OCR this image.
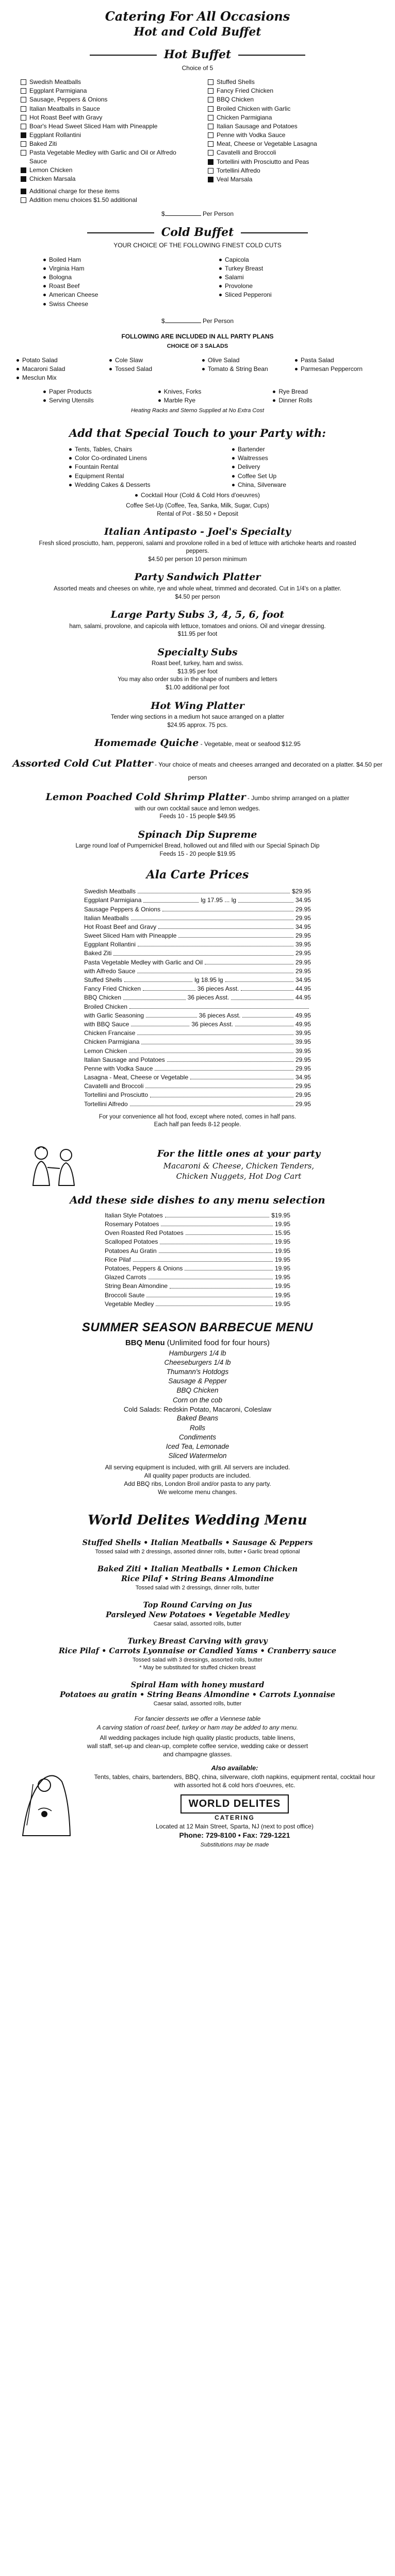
Catering For All Occasions
Hot and Cold Buffet
Hot Buffet
Choice of 5
Swedish Meatballs
Eggplant Parmigiana
Sausage, Peppers & Onions
Italian Meatballs in Sauce
Hot Roast Beef with Gravy
Boar's Head Sweet Sliced Ham with Pineapple
Eggplant Rollantini
Baked Ziti
Pasta Vegetable Medley with Garlic and Oil or Alfredo Sauce
Lemon Chicken
Chicken Marsala
Stuffed Shells
Fancy Fried Chicken
BBQ Chicken
Broiled Chicken with Garlic
Chicken Parmigiana
Italian Sausage and Potatoes
Penne with Vodka Sauce
Meat, Cheese or Vegetable Lasagna
Cavatelli and Broccoli
Tortellini with Prosciutto and Peas
Tortellini Alfredo
Veal Marsala
Additional charge for these items
Addition menu choices $1.50 additional
$	Per Person
Cold Buffet
YOUR CHOICE OF THE FOLLOWING FINEST COLD CUTS
Boiled Ham
Virginia Ham
Bologna
Roast Beef
American Cheese
Swiss Cheese
Capicola
Turkey Breast
Salami
Provolone
Sliced Pepperoni
$	Per Person
FOLLOWING ARE INCLUDED IN ALL PARTY PLANS
CHOICE OF 3 SALADS
Potato Salad
Macaroni Salad
Mesclun Mix
Cole Slaw
Tossed Salad
Olive Salad
Tomato & String Bean
Pasta Salad
Parmesan Peppercorn
Paper Products
Serving Utensils
Knives, Forks
Marble Rye
Rye Bread
Dinner Rolls
Heating Racks and Sterno Supplied at No Extra Cost
Add that Special Touch to your Party with:
Tents, Tables, Chairs
Color Co-ordinated Linens
Fountain Rental
Equipment Rental
Wedding Cakes & Desserts
Bartender
Waitresses
Delivery
Coffee Set Up
China, Silverware
Cocktail Hour (Cold & Cold Hors d'oeuvres)
Coffee Set-Up (Coffee, Tea, Sanka, Milk, Sugar, Cups)
Rental of Pot - $8.50 + Deposit
Italian Antipasto - Joel's Specialty
Fresh sliced prosciutto, ham, pepperoni, salami and provolone rolled in a bed of lettuce with artichoke hearts and roasted peppers.
$4.50 per person 10 person minimum
Party Sandwich Platter
Assorted meats and cheeses on white, rye and whole wheat, trimmed and decorated. Cut in 1/4's on a platter.
$4.50 per person
Large Party Subs 3, 4, 5, 6, foot
ham, salami, provolone, and capicola with lettuce, tomatoes and onions. Oil and vinegar dressing.
$11.95 per foot
Specialty Subs
Roast beef, turkey, ham and swiss.
$13.95 per foot
You may also order subs in the shape of numbers and letters
$1.00 additional per foot
Hot Wing Platter
Tender wing sections in a medium hot sauce arranged on a platter
$24.95 approx. 75 pcs.
Homemade Quiche - Vegetable, meat or seafood $12.95
Assorted Cold Cut Platter - Your choice of meats and cheeses arranged and decorated on a platter. $4.50 per person
Lemon Poached Cold Shrimp Platter - Jumbo shrimp arranged on a platter
with our own cocktail sauce and lemon wedges.
Feeds 10 - 15 people $49.95
Spinach Dip Supreme
Large round loaf of Pumpernickel Bread, hollowed out and filled with our Special Spinach Dip
Feeds 15 - 20 people $19.95
Ala Carte Prices
Swedish Meatballs	$29.95
Eggplant Parmigiana	lg 17.95 ... lg	34.95
Sausage Peppers & Onions	29.95
Italian Meatballs	29.95
Hot Roast Beef and Gravy	34.95
Sweet Sliced Ham with Pineapple	29.95
Eggplant Rollantini	39.95
Baked Ziti	29.95
Pasta Vegetable Medley with Garlic and Oil	29.95
with Alfredo Sauce	29.95
Stuffed Shells	lg 18.95 lg	34.95
Fancy Fried Chicken	36 pieces Asst.	44.95
BBQ Chicken	36 pieces Asst.	44.95
Broiled Chicken
with Garlic Seasoning	36 pieces Asst.	49.95
with BBQ Sauce	36 pieces Asst.	49.95
Chicken Francaise	39.95
Chicken Parmigiana	39.95
Lemon Chicken	39.95
Italian Sausage and Potatoes	29.95
Penne with Vodka Sauce	29.95
Lasagna - Meat, Cheese or Vegetable	34.95
Cavatelli and Broccoli	29.95
Tortellini and Prosciutto	29.95
Tortellini Alfredo	29.95
For your convenience all hot food, except where noted, comes in half pans.
Each half pan feeds 8-12 people.
For the little ones at your party
Macaroni & Cheese, Chicken Tenders,
Chicken Nuggets, Hot Dog Cart
Add these side dishes to any menu selection
Italian Style Potatoes	$19.95
Rosemary Potatoes	19.95
Oven Roasted Red Potatoes	15.95
Scalloped Potatoes	19.95
Potatoes Au Gratin	19.95
Rice Pilaf	19.95
Potatoes, Peppers & Onions	19.95
Glazed Carrots	19.95
String Bean Almondine	19.95
Broccoli Saute	19.95
Vegetable Medley	19.95
SUMMER SEASON BARBECUE MENU
BBQ Menu (Unlimited food for four hours)
Hamburgers 1/4 lb
Cheeseburgers 1/4 lb
Thumann's Hotdogs
Sausage & Pepper
BBQ Chicken
Corn on the cob
Cold Salads: Redskin Potato, Macaroni, Coleslaw
Baked Beans
Rolls
Condiments
Iced Tea, Lemonade
Sliced Watermelon
All serving equipment is included, with grill. All servers are included.
All quality paper products are included.
Add BBQ ribs, London Broil and/or pasta to any party.
We welcome menu changes.
World Delites Wedding Menu
Stuffed Shells • Italian Meatballs • Sausage & Peppers
Tossed salad with 2 dressings, assorted dinner rolls, butter • Garlic bread optional
Baked Ziti • Italian Meatballs • Lemon Chicken
Rice Pilaf • String Beans Almondine
Tossed salad with 2 dressings, dinner rolls, butter
Top Round Carving on Jus
Parsleyed New Potatoes • Vegetable Medley
Caesar salad, assorted rolls, butter
Turkey Breast Carving with gravy
Rice Pilaf • Carrots Lyonnaise or Candied Yams • Cranberry sauce
Tossed salad with 3 dressings, assorted rolls, butter
* May be substituted for stuffed chicken breast
Spiral Ham with honey mustard
Potatoes au gratin • String Beans Almondine • Carrots Lyonnaise
Caesar salad, assorted rolls, butter
For fancier desserts we offer a Viennese table
A carving station of roast beef, turkey or ham may be added to any menu.
All wedding packages include high quality plastic products, table linens,
wall staff, set-up and clean-up, complete coffee service, wedding cake or dessert
and champagne glasses.
Also available:
Tents, tables, chairs, bartenders, BBQ, china, silverware, cloth napkins, equipment rental, cocktail hour with assorted hot & cold hors d'oeuvres, etc.
WORLD DELITES
CATERING
Located at 12 Main Street, Sparta, NJ (next to post office)
Phone: 729-8100 • Fax: 729-1221
Substitutions may be made
